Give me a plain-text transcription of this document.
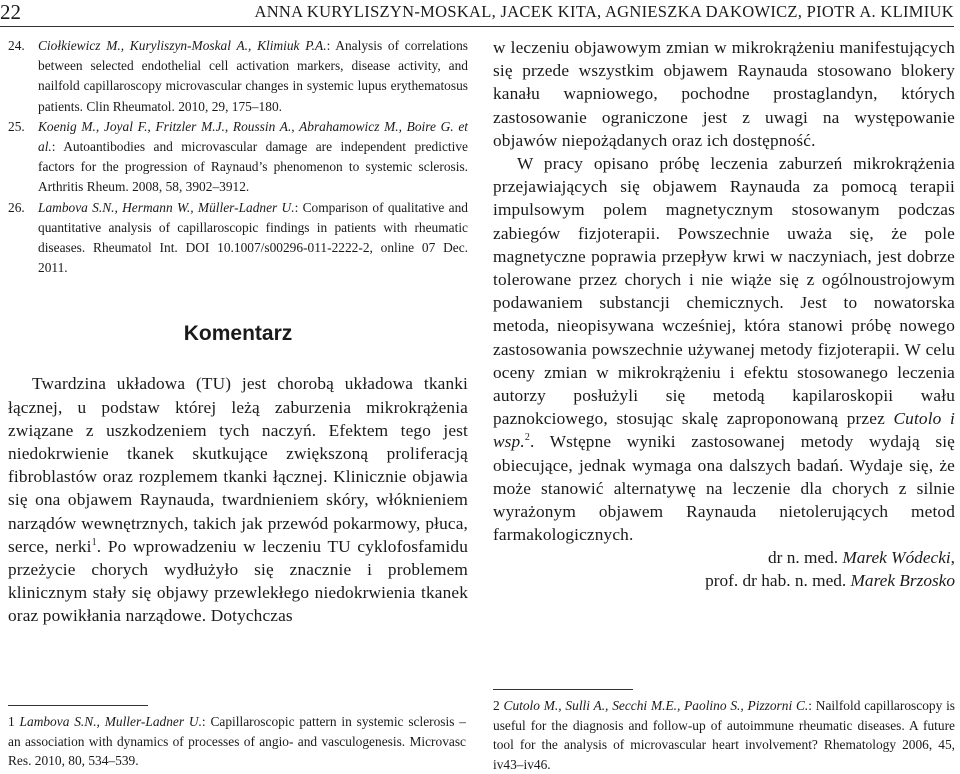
22	ANNA KURYLISZYN-MOSKAL, JACEK KITA, AGNIESZKA DAKOWICZ, PIOTR A. KLIMIUK

24. Ciołkiewicz M., Kuryliszyn-Moskal A., Klimiuk P.A.: Analysis of correlations between selected endothelial cell activation markers, disease activity, and nailfold capillaroscopy microvascular changes in systemic lupus erythematosus patients. Clin Rheumatol. 2010, 29, 175–180.

25. Koenig M., Joyal F., Fritzler M.J., Roussin A., Abrahamowicz M., Boire G. et al.: Autoantibodies and microvascular damage are independent predictive factors for the progression of Raynaud’s phenomenon to systemic sclerosis. Arthritis Rheum. 2008, 58, 3902–3912.

26. Lambova S.N., Hermann W., Müller-Ladner U.: Comparison of qualitative and quantitative analysis of capillaroscopic findings in patients with rheumatic diseases. Rheumatol Int. DOI 10.1007/s00296-011-2222-2, online 07 Dec. 2011.

Komentarz

Twardzina układowa (TU) jest chorobą układowa tkanki łącznej, u podstaw której leżą zaburzenia mikrokrążenia związane z uszkodzeniem tych naczyń. Efektem tego jest niedokrwienie tkanek skutkujące zwiększoną proliferacją fibroblastów oraz rozplemem tkanki łącznej. Klinicznie objawia się ona objawem Raynauda, twardnieniem skóry, włóknieniem narządów wewnętrznych, takich jak przewód pokarmowy, płuca, serce, nerki$^1$. Po wprowadzeniu w leczeniu TU cyklofosfamidu przeżycie chorych wydłużyło się znacznie i problemem klinicznym stały się objawy przewlekłego niedokrwienia tkanek oraz powikłania narządowe. Dotychczas

w leczeniu objawowym zmian w mikrokrążeniu manifestujących się przede wszystkim objawem Raynauda stosowano blokery kanału wapniowego, pochodne prostaglandyn, których zastosowanie ograniczone jest z uwagi na występowanie objawów niepożądanych oraz ich dostępność.

W pracy opisano próbę leczenia zaburzeń mikrokrążenia przejawiających się objawem Raynauda za pomocą terapii impulsowym polem magnetycznym stosowanym podczas zabiegów fizjoterapii. Powszechnie uważa się, że pole magnetyczne poprawia przepływ krwi w naczyniach, jest dobrze tolerowane przez chorych i nie wiąże się z ogólnoustrojowym podawaniem substancji chemicznych. Jest to nowatorska metoda, nieopisywana wcześniej, która stanowi próbę nowego zastosowania powszechnie używanej metody fizjoterapii. W celu oceny zmian w mikrokrążeniu i efektu stosowanego leczenia autorzy posłużyli się metodą kapilaroskopii wału paznokciowego, stosując skalę zaproponowaną przez Cutolo i wsp.$^2$. Wstępne wyniki zastosowanej metody wydają się obiecujące, jednak wymaga ona dalszych badań. Wydaje się, że może stanowić alternatywę na leczenie dla chorych z silnie wyrażonym objawem Raynauda nietolerujących metod farmakologicznych.

dr n. med. Marek Wódecki,

prof. dr hab. n. med. Marek Brzosko

1 Lambova S.N., Muller-Ladner U.: Capillaroscopic pattern in systemic sclerosis – an association with dynamics of processes of angio- and vasculogenesis. Microvasc Res. 2010, 80, 534–539.

2 Cutolo M., Sulli A., Secchi M.E., Paolino S., Pizzorni C.: Nailfold capillaroscopy is useful for the diagnosis and follow-up of autoimmune rheumatic diseases. A future tool for the analysis of microvascular heart involvement? Rhematology 2006, 45, iv43–iv46.
